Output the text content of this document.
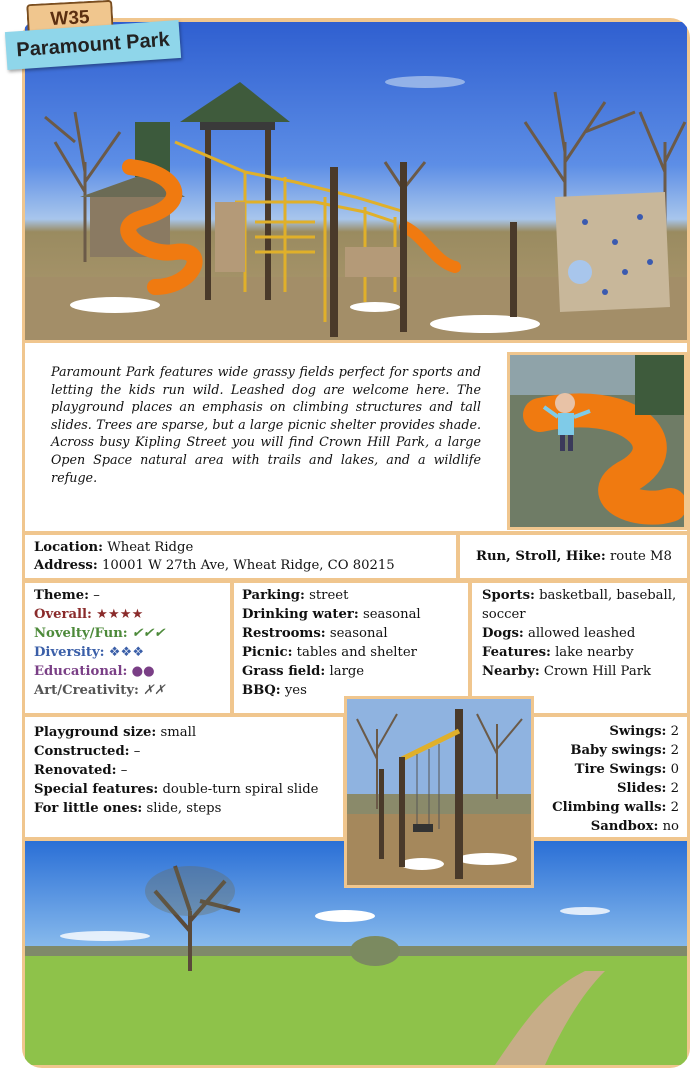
Paramount Park features wide grassy fields perfect for sports and letting the kids run wild. Leashed dog are welcome here. The playground places an emphasis on climbing structures and tall slides. Trees are sparse, but a large picnic shelter provides shade. Across busy Kipling Street you will find Crown Hill Park, a large Open Space natural area with trails and lakes, and a wildlife refuge.
Location: Wheat Ridge
Address: 10001 W 27th Ave, Wheat Ridge, CO 80215
Run, Stroll, Hike: route M8
Theme: –
Overall: ★★★★
Novelty/Fun: ✔✔✔
Diversity: ❖❖❖
Educational: ●●
Art/Creativity: ✗✗
Parking: street
Drinking water: seasonal
Restrooms: seasonal
Picnic: tables and shelter
Grass field: large
BBQ: yes
Sports: basketball, baseball, soccer
Dogs: allowed leashed
Features: lake nearby
Nearby: Crown Hill Park
Playground size: small
Constructed: –
Renovated: –
Special features: double-turn spiral slide
For little ones: slide, steps
Swings: 2
Baby swings: 2
Tire Swings: 0
Slides: 2
Climbing walls: 2
Sandbox: no
W35
Paramount Park
